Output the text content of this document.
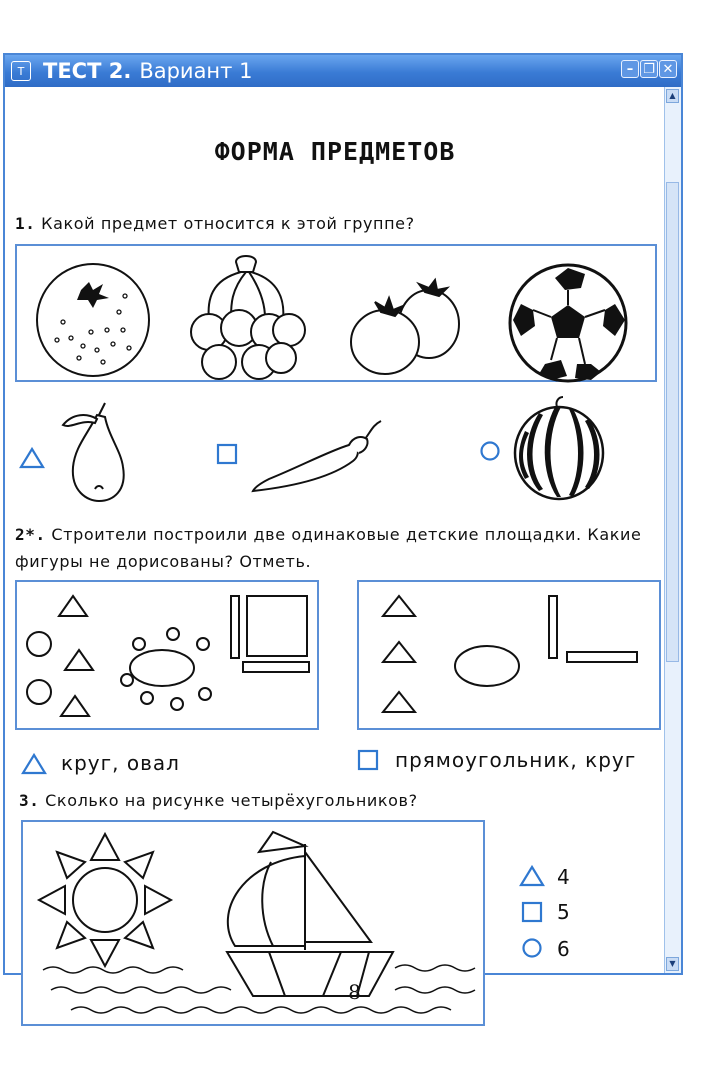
Т ТЕСТ 2. Вариант 1	– ❐ ✕
▲
▼
ФОРМА ПРЕДМЕТОВ
1. Какой предмет относится к этой группе?
2*. Строители построили две одинаковые детские площадки. Какие
фигуры не дорисованы? Отметь.
круг, овал	прямоугольник, круг
3. Сколько на рисунке четырёхугольников?
4
5
6
8
